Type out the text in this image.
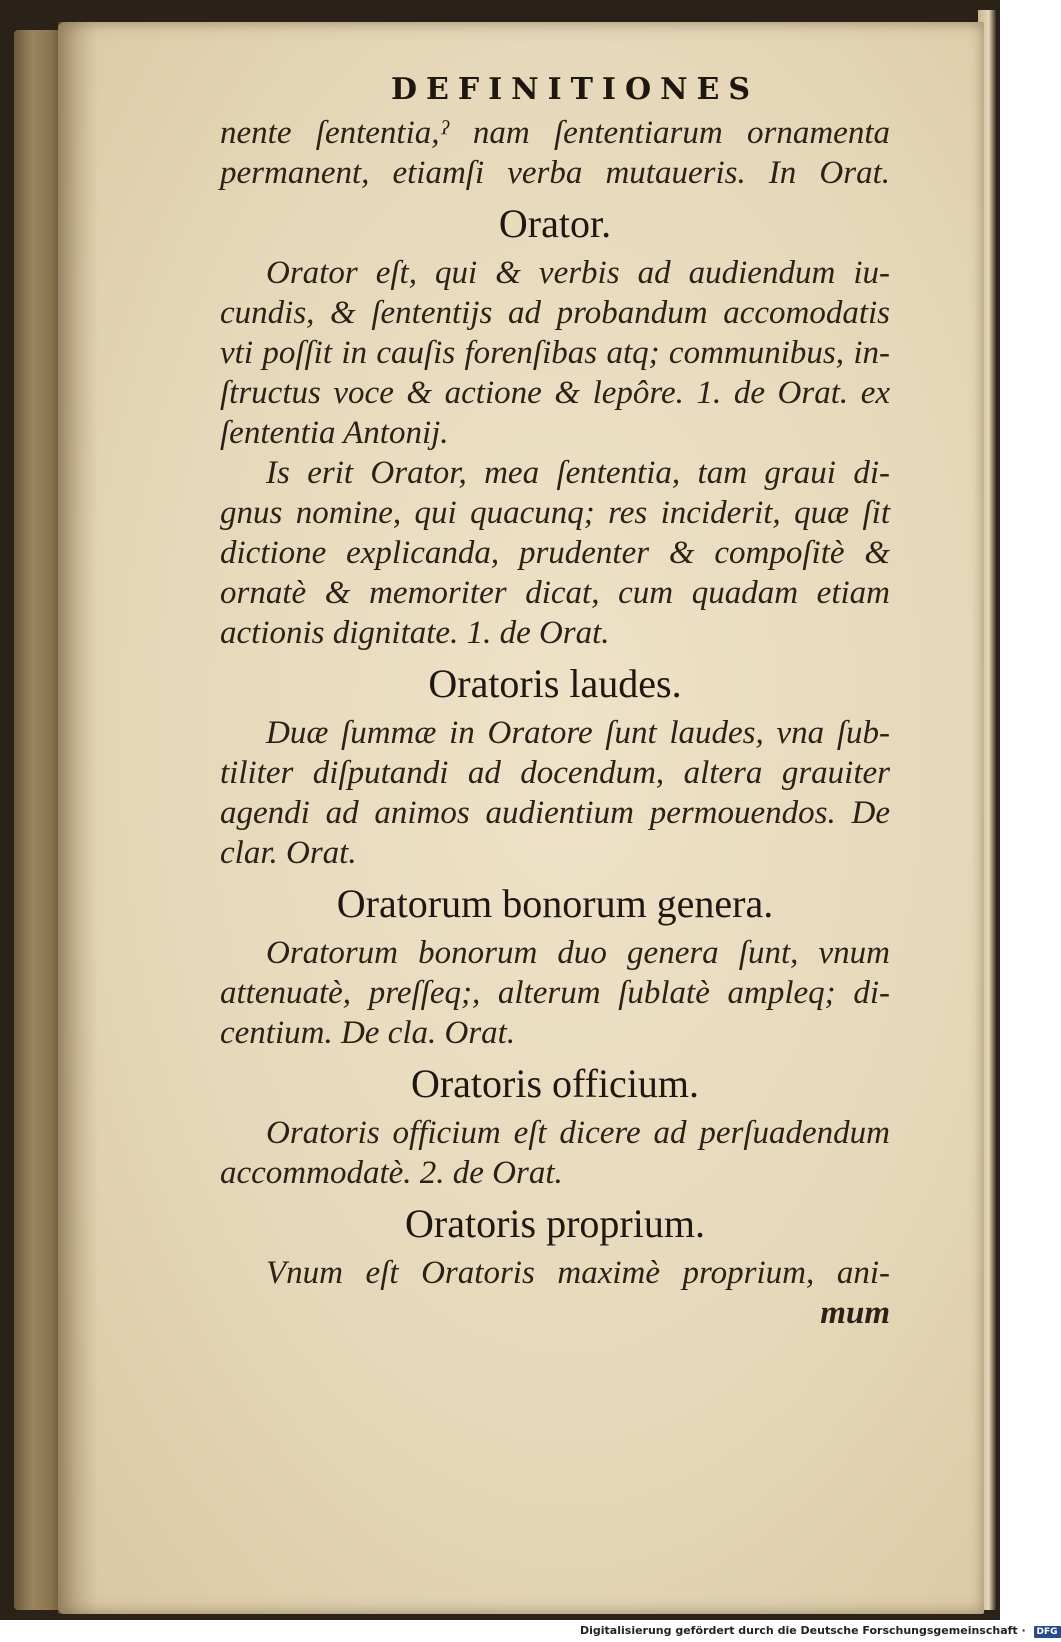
DEFINITIONES

nente ſententia,ˀ nam ſententiarum ornamenta

permanent, etiamſi verba mutaueris. In Orat.

Orator.

Orator eſt, qui & verbis ad audiendum iu-

cundis, & ſententijs ad probandum accomodatis

vti poſſit in cauſis forenſibas atq; communibus, in-

ſtructus voce & actione & lepôre. 1. de Orat. ex

ſententia Antonij.

Is erit Orator, mea ſententia, tam graui di-

gnus nomine, qui quacunq; res inciderit, quæ ſit

dictione explicanda, prudenter & compoſitè &

ornatè & memoriter dicat, cum quadam etiam

actionis dignitate. 1. de Orat.

Oratoris laudes.

Duæ ſummæ in Oratore ſunt laudes, vna ſub-

tiliter diſputandi ad docendum, altera grauiter

agendi ad animos audientium permouendos. De

clar. Orat.

Oratorum bonorum genera.

Oratorum bonorum duo genera ſunt, vnum

attenuatè, preſſeq;, alterum ſublatè ampleq; di-

centium. De cla. Orat.

Oratoris officium.

Oratoris officium eſt dicere ad perſuadendum

accommodatè. 2. de Orat.

Oratoris proprium.

Vnum eſt Oratoris maximè proprium, ani-

mum

Digitalisierung gefördert durch die Deutsche Forschungsgemeinschaft · DFG
